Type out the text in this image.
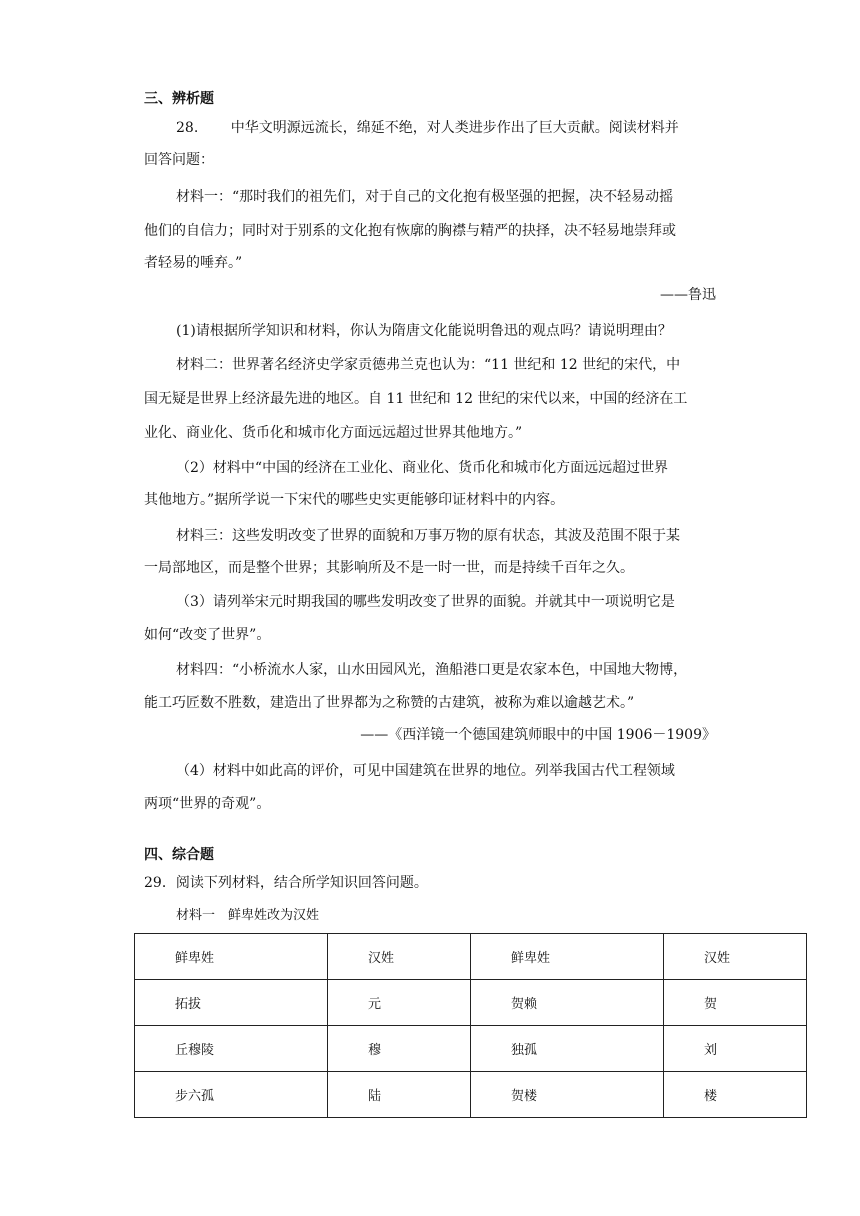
三、辨析题
28.　　 中华文明源远流长，绵延不绝，对人类进步作出了巨大贡献。阅读材料并
回答问题：
材料一：“那时我们的祖先们，对于自己的文化抱有极坚强的把握，决不轻易动摇
他们的自信力；同时对于别系的文化抱有恢廓的胸襟与精严的抉择，决不轻易地崇拜或
者轻易的唾弃。”
——鲁迅
(1)请根据所学知识和材料，你认为隋唐文化能说明鲁迅的观点吗？请说明理由？
材料二：世界著名经济史学家贡德弗兰克也认为：“11 世纪和 12 世纪的宋代，中
国无疑是世界上经济最先进的地区。自 11 世纪和 12 世纪的宋代以来，中国的经济在工
业化、商业化、货币化和城市化方面远远超过世界其他地方。”
（2）材料中“中国的经济在工业化、商业化、货币化和城市化方面远远超过世界
其他地方。”据所学说一下宋代的哪些史实更能够印证材料中的内容。
材料三：这些发明改变了世界的面貌和万事万物的原有状态，其波及范围不限于某
一局部地区，而是整个世界；其影响所及不是一时一世，而是持续千百年之久。
（3）请列举宋元时期我国的哪些发明改变了世界的面貌。并就其中一项说明它是
如何“改变了世界”。
材料四：“小桥流水人家，山水田园风光，渔船港口更是农家本色，中国地大物博，
能工巧匠数不胜数，建造出了世界都为之称赞的古建筑，被称为难以逾越艺术。”
——《西洋镜一个德国建筑师眼中的中国 1906－1909》
（4）材料中如此高的评价，可见中国建筑在世界的地位。列举我国古代工程领域
两项“世界的奇观”。
四、综合题
29．阅读下列材料，结合所学知识回答问题。
材料一　鲜卑姓改为汉姓
鲜卑姓	汉姓	鲜卑姓	汉姓
拓拔	元	贺赖	贺
丘穆陵	穆	独孤	刘
步六孤	陆	贺楼	楼
